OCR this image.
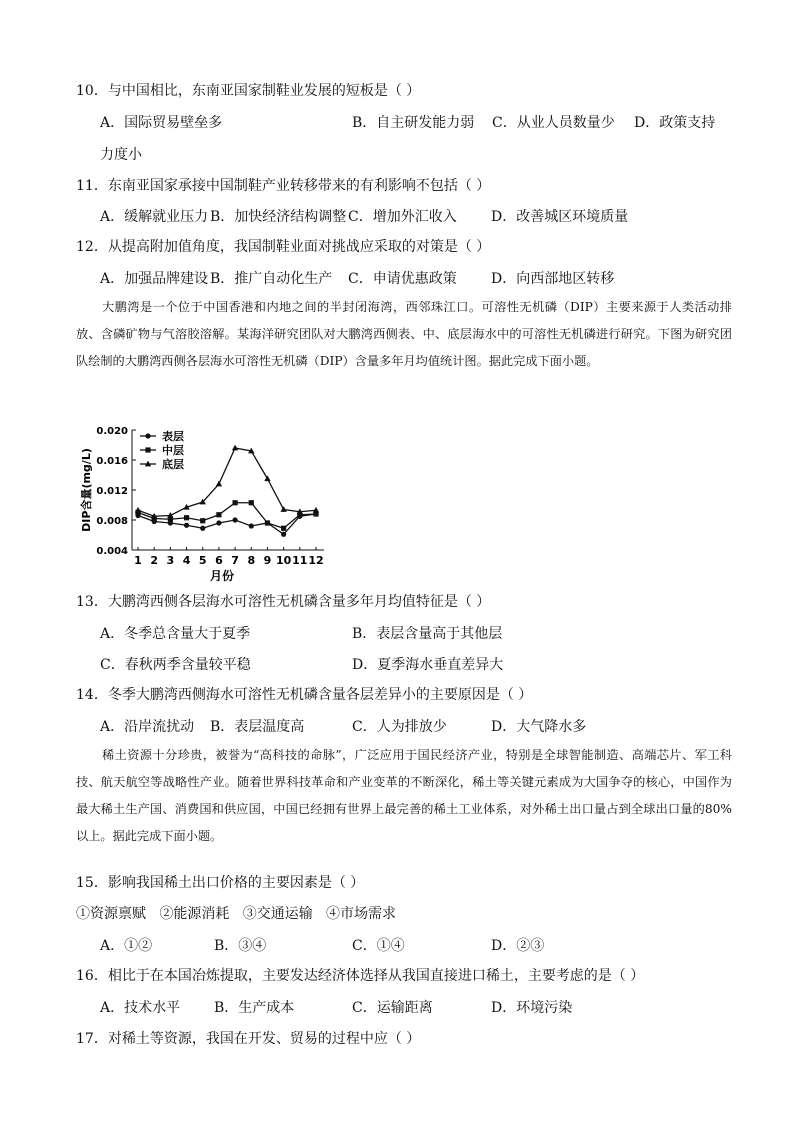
10．与中国相比，东南亚国家制鞋业发展的短板是（ ）
A．国际贸易壁垒多	B．自主研发能力弱 C．从业人员数量少 D．政策支持
力度小
11．东南亚国家承接中国制鞋产业转移带来的有利影响不包括（ ）
A．缓解就业压力 B．加快经济结构调整 C．增加外汇收入 D．改善城区环境质量
12．从提高附加值角度，我国制鞋业面对挑战应采取的对策是（ ）
A．加强品牌建设 B．推广自动化生产 C．申请优惠政策 D．向西部地区转移
大鹏湾是一个位于中国香港和内地之间的半封闭海湾，西邻珠江口。可溶性无机磷（DIP）主要来源于人类活动排放、含磷矿物与气溶胶溶解。某海洋研究团队对大鹏湾西侧表、中、底层海水中的可溶性无机磷进行研究。下图为研究团队绘制的大鹏湾西侧各层海水可溶性无机磷（DIP）含量多年月均值统计图。据此完成下面小题。
0.020
0.016
0.012
0.008
0.004
1 2 3 4 5 6 7 8 9 10 11 12
表层
中层
底层
DIP含量(mg/L)
月份
13．大鹏湾西侧各层海水可溶性无机磷含量多年月均值特征是（ ）
A．冬季总含量大于夏季	B．表层含量高于其他层
C．春秋两季含量较平稳	D．夏季海水垂直差异大
14．冬季大鹏湾西侧海水可溶性无机磷含量各层差异小的主要原因是（ ）
A．沿岸流扰动 B．表层温度高	C．人为排放少	D．大气降水多
稀土资源十分珍贵，被誉为“高科技的命脉”，广泛应用于国民经济产业，特别是全球智能制造、高端芯片、军工科技、航天航空等战略性产业。随着世界科技革命和产业变革的不断深化，稀土等关键元素成为大国争夺的核心，中国作为最大稀土生产国、消费国和供应国，中国已经拥有世界上最完善的稀土工业体系，对外稀土出口量占到全球出口量的80%以上。据此完成下面小题。
15．影响我国稀土出口价格的主要因素是（ ）
①资源禀赋   ②能源消耗   ③交通运输   ④市场需求
A．①②	B．③④	C．①④	D．②③
16．相比于在本国冶炼提取，主要发达经济体选择从我国直接进口稀土，主要考虑的是（ ）
A．技术水平 B．生产成本	C．运输距离	D．环境污染
17．对稀土等资源，我国在开发、贸易的过程中应（ ）
